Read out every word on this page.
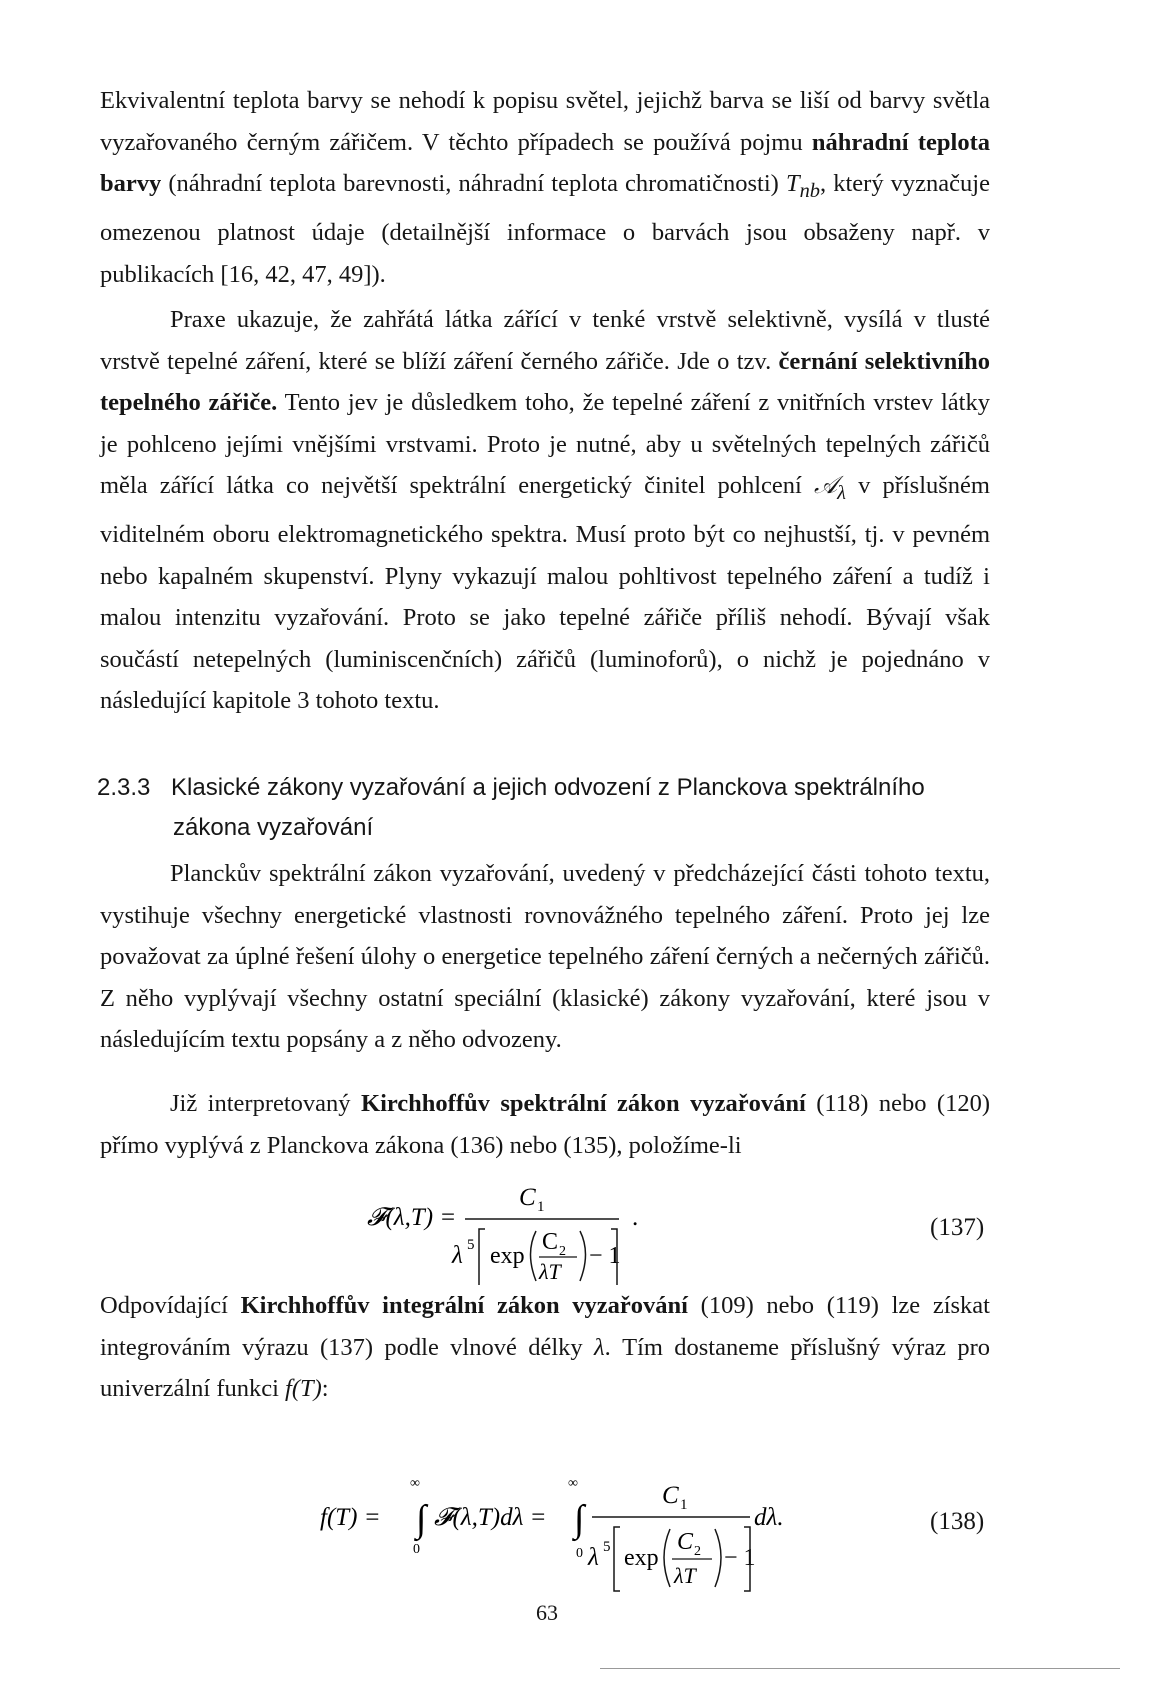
Ekvivalentní teplota barvy se nehodí k popisu světel, jejichž barva se liší od barvy světla vyzařovaného černým zářičem. V těchto případech se používá pojmu náhradní teplota barvy (náhradní teplota barevnosti, náhradní teplota chromatičnosti) $T_{nb}$, který vyznačuje omezenou platnost údaje (detailnější informace o barvách jsou obsaženy např. v publikacích [16, 42, 47, 49]).

Praxe ukazuje, že zahřátá látka zářící v tenké vrstvě selektivně, vysílá v tlusté vrstvě tepelné záření, které se blíží záření černého zářiče. Jde o tzv. černání selektivního tepelného zářiče. Tento jev je důsledkem toho, že tepelné záření z vnitřních vrstev látky je pohlceno jejími vnějšími vrstvami. Proto je nutné, aby u světelných tepelných zářičů měla zářící látka co největší spektrální energetický činitel pohlcení 𝒜$_\lambda$ v příslušném viditelném oboru elektromagnetického spektra. Musí proto být co nejhustší, tj. v pevném nebo kapalném skupenství. Plyny vykazují malou pohltivost tepelného záření a tudíž i malou intenzitu vyzařování. Proto se jako tepelné zářiče příliš nehodí. Bývají však součástí netepelných (luminiscenčních) zářičů (luminoforů), o nichž je pojednáno v následující kapitole 3 tohoto textu.

2.3.3 Klasické zákony vyzařování a jejich odvození z Planckova spektrálního
zákona vyzařování

Planckův spektrální zákon vyzařování, uvedený v předcházející části tohoto textu, vystihuje všechny energetické vlastnosti rovnovážného tepelného záření. Proto jej lze považovat za úplné řešení úlohy o energetice tepelného záření černých a nečerných zářičů. Z něho vyplývají všechny ostatní speciální (klasické) zákony vyzařování, které jsou v následujícím textu popsány a z něho odvozeny.

Již interpretovaný Kirchhoffův spektrální zákon vyzařování (118) nebo (120) přímo vyplývá z Planckova zákona (136) nebo (135), položíme-li

𝓕(λ,T) =
C 1
λ 5 exp
C 2
λT
− 1
.	(137)

Odpovídající Kirchhoffův integrální zákon vyzařování (109) nebo (119) lze získat integrováním výrazu (137) podle vlnové délky λ. Tím dostaneme příslušný výraz pro univerzální funkci f(T):

f(T) =
∞
∫
0
𝓕(λ,T)dλ =
∞
∫
0
C 1
λ 5 exp
C 2
λT
− 1
dλ.	(138)
63
